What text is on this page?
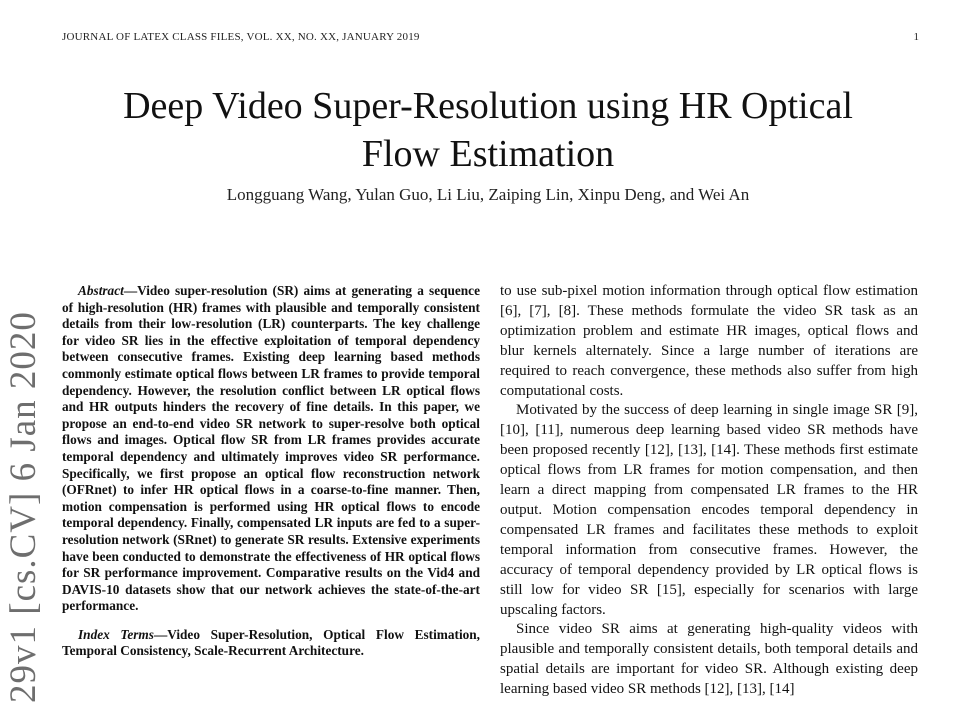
JOURNAL OF LATEX CLASS FILES, VOL. XX, NO. XX, JANUARY 2019	1
Deep Video Super-Resolution using HR Optical
Flow Estimation
Longguang Wang, Yulan Guo, Li Liu, Zaiping Lin, Xinpu Deng, and Wei An
29v1 [cs.CV] 6 Jan 2020

Abstract—Video super-resolution (SR) aims at generating a sequence of high-resolution (HR) frames with plausible and temporally consistent details from their low-resolution (LR) counterparts. The key challenge for video SR lies in the effective exploitation of temporal dependency between consecutive frames. Existing deep learning based methods commonly estimate optical flows between LR frames to provide temporal dependency. However, the resolution conflict between LR optical flows and HR outputs hinders the recovery of fine details. In this paper, we propose an end-to-end video SR network to super-resolve both optical flows and images. Optical flow SR from LR frames provides accurate temporal dependency and ultimately improves video SR performance. Specifically, we first propose an optical flow reconstruction network (OFRnet) to infer HR optical flows in a coarse-to-fine manner. Then, motion compensation is performed using HR optical flows to encode temporal dependency. Finally, compensated LR inputs are fed to a super-resolution network (SRnet) to generate SR results. Extensive experiments have been conducted to demonstrate the effectiveness of HR optical flows for SR performance improvement. Comparative results on the Vid4 and DAVIS-10 datasets show that our network achieves the state-of-the-art performance.

Index Terms—Video Super-Resolution, Optical Flow Estimation, Temporal Consistency, Scale-Recurrent Architecture.

to use sub-pixel motion information through optical flow estimation [6], [7], [8]. These methods formulate the video SR task as an optimization problem and estimate HR images, optical flows and blur kernels alternately. Since a large number of iterations are required to reach convergence, these methods also suffer from high computational costs.

Motivated by the success of deep learning in single image SR [9], [10], [11], numerous deep learning based video SR methods have been proposed recently [12], [13], [14]. These methods first estimate optical flows from LR frames for motion compensation, and then learn a direct mapping from compensated LR frames to the HR output. Motion compensation encodes temporal dependency in compensated LR frames and facilitates these methods to exploit temporal information from consecutive frames. However, the accuracy of temporal dependency provided by LR optical flows is still low for video SR [15], especially for scenarios with large upscaling factors.

Since video SR aims at generating high-quality videos with plausible and temporally consistent details, both temporal details and spatial details are important for video SR. Although existing deep learning based video SR methods [12], [13], [14]
